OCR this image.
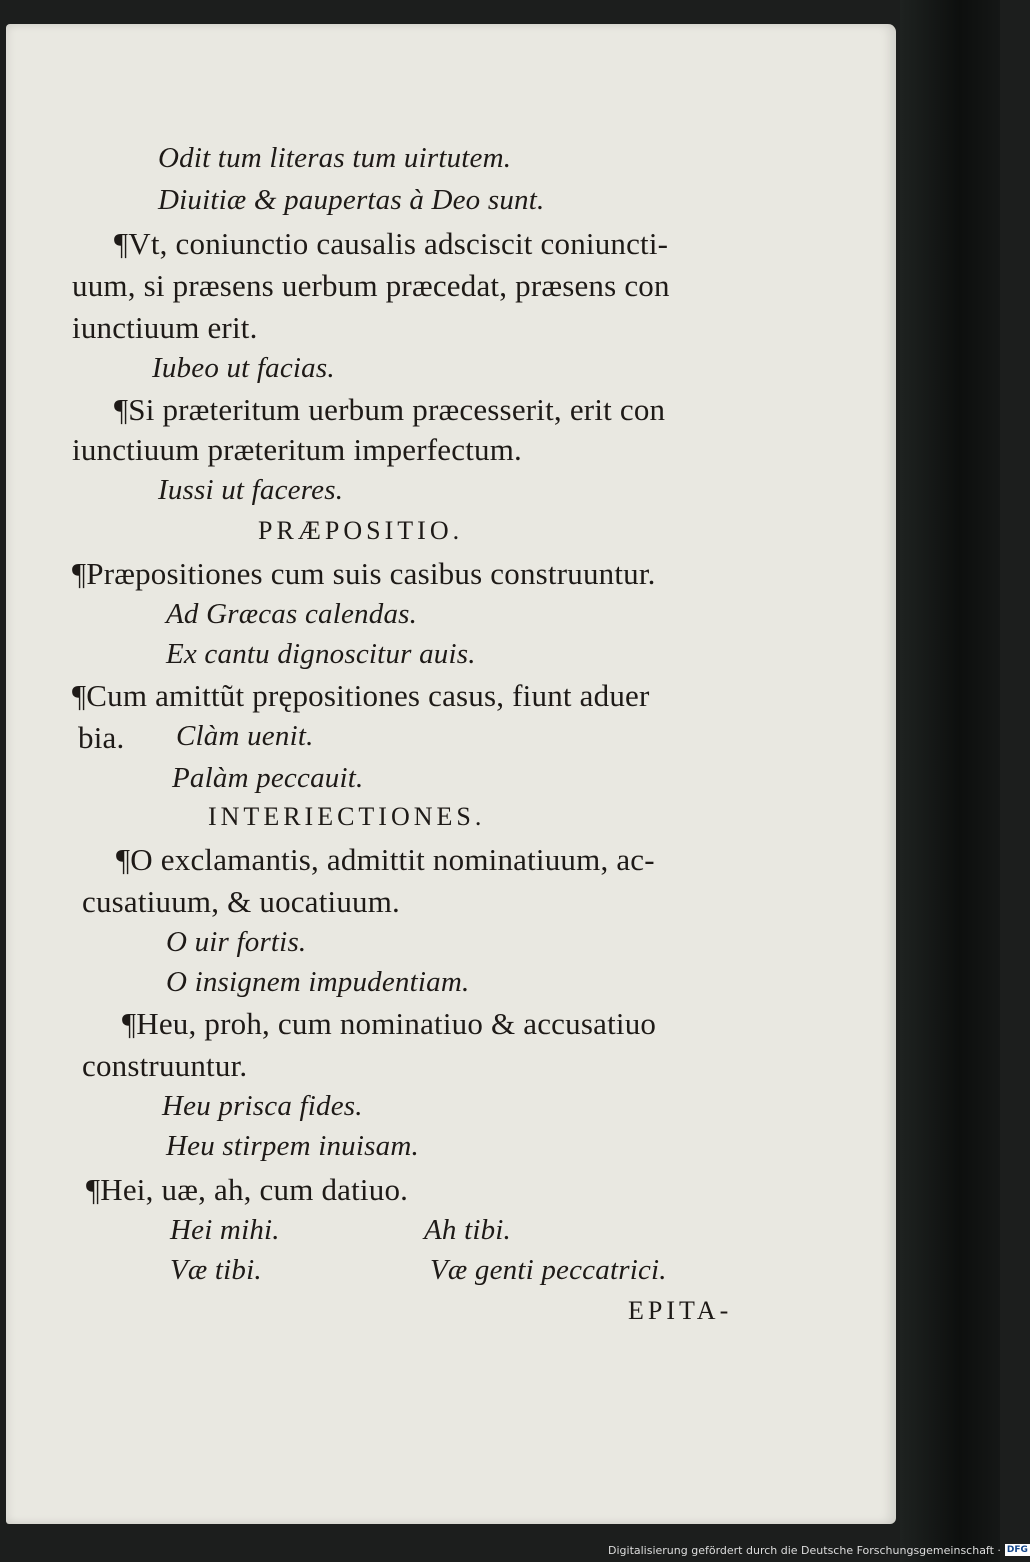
Odit tum literas tum uirtutem.

Diuitiæ & paupertas à Deo sunt.

¶Vt, coniunctio causalis adsciscit coniuncti-

uum, si præsens uerbum præcedat, præsens con

iunctiuum erit.

Iubeo ut facias.

¶Si præteritum uerbum præcesserit, erit con

iunctiuum præteritum imperfectum.

Iussi ut faceres.

PRÆPOSITIO.

¶Præpositiones cum suis casibus construuntur.

Ad Græcas calendas.

Ex cantu dignoscitur auis.

¶Cum amittũt prępositiones casus, fiunt aduer

bia. Clàm uenit.

Palàm peccauit.

INTERIECTIONES.

¶O exclamantis, admittit nominatiuum, ac-

cusatiuum, & uocatiuum.

O uir fortis.

O insignem impudentiam.

¶Heu, proh, cum nominatiuo & accusatiuo

construuntur.

Heu prisca fides.

Heu stirpem inuisam.

¶Hei, uæ, ah, cum datiuo.

Hei mihi.	Ah tibi.

Væ tibi.	Væ genti peccatrici.

EPITA-

Digitalisierung gefördert durch die Deutsche Forschungsgemeinschaft · DFG
